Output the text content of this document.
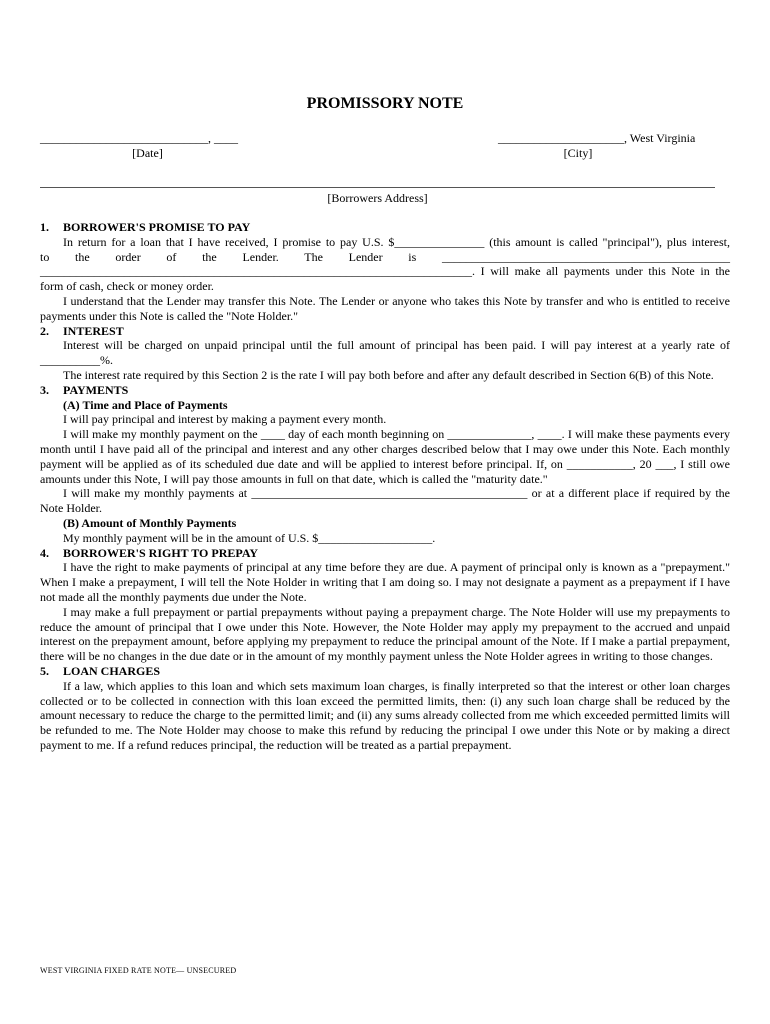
PROMISSORY NOTE
____________________________, ____
[Date]
_____________________, West Virginia
[City]
[Borrowers Address]
1. BORROWER'S PROMISE TO PAY

In return for a loan that I have received, I promise to pay U.S. $_______________ (this amount is called "principal"), plus interest,

to the order of the Lender. The Lender is ________________________________________________

________________________________________________________________________. I will make all payments under this Note in the

form of cash, check or money order.

I understand that the Lender may transfer this Note. The Lender or anyone who takes this Note by transfer and who is entitled to receive payments under this Note is called the "Note Holder."

2. INTEREST

Interest will be charged on unpaid principal until the full amount of principal has been paid. I will pay interest at a yearly rate of __________%.

The interest rate required by this Section 2 is the rate I will pay both before and after any default described in Section 6(B) of this Note.

3. PAYMENTS
(A) Time and Place of Payments

I will pay principal and interest by making a payment every month.

I will make my monthly payment on the ____ day of each month beginning on ______________, ____. I will make these payments every month until I have paid all of the principal and interest and any other charges described below that I may owe under this Note. Each monthly payment will be applied as of its scheduled due date and will be applied to interest before principal. If, on ___________, 20 ___, I still owe amounts under this Note, I will pay those amounts in full on that date, which is called the "maturity date."

I will make my monthly payments at ______________________________________________ or at a different place if required by the Note Holder.

(B) Amount of Monthly Payments

My monthly payment will be in the amount of U.S. $___________________.

4. BORROWER'S RIGHT TO PREPAY

I have the right to make payments of principal at any time before they are due. A payment of principal only is known as a "prepayment." When I make a prepayment, I will tell the Note Holder in writing that I am doing so. I may not designate a payment as a prepayment if I have not made all the monthly payments due under the Note.

I may make a full prepayment or partial prepayments without paying a prepayment charge. The Note Holder will use my prepayments to reduce the amount of principal that I owe under this Note. However, the Note Holder may apply my prepayment to the accrued and unpaid interest on the prepayment amount, before applying my prepayment to reduce the principal amount of the Note. If I make a partial prepayment, there will be no changes in the due date or in the amount of my monthly payment unless the Note Holder agrees in writing to those changes.

5. LOAN CHARGES

If a law, which applies to this loan and which sets maximum loan charges, is finally interpreted so that the interest or other loan charges collected or to be collected in connection with this loan exceed the permitted limits, then: (i) any such loan charge shall be reduced by the amount necessary to reduce the charge to the permitted limit; and (ii) any sums already collected from me which exceeded permitted limits will be refunded to me. The Note Holder may choose to make this refund by reducing the principal I owe under this Note or by making a direct payment to me. If a refund reduces principal, the reduction will be treated as a partial prepayment.

WEST VIRGINIA FIXED RATE NOTE— UNSECURED
